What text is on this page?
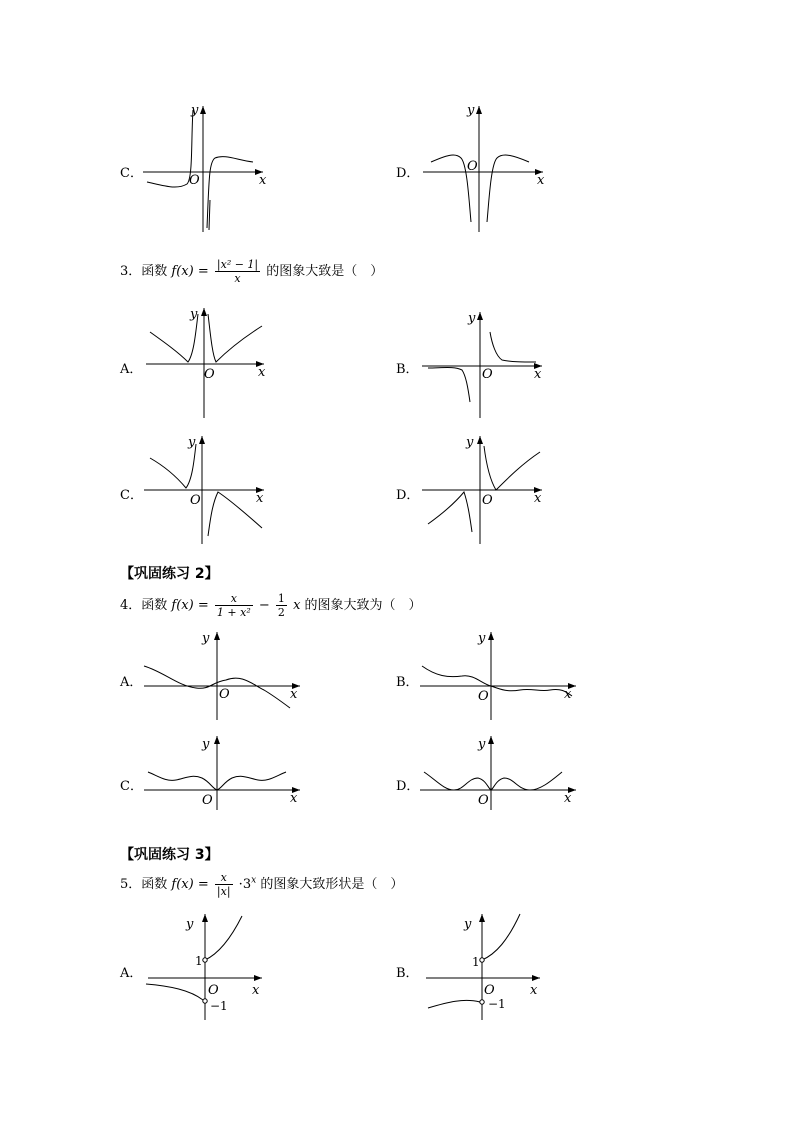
C．	x
y
O	D．	x
y
O
3．函数 $f(x) = \frac{\text{|x² − 1|}}{x}$ 的图象大致是（　）
A．	x
y
O	B．	x
y
O
C．	x
y
O	D．	x
y
O
【巩固练习 2】
4．函数 $f(x) = \frac{x}{\text{1 + x²}} - \frac{1}{2}$ x 的图象大致为（　）
A．
x
y
O
B．
x
y
O
C．
x
y
O
D．
x
y
O
【巩固练习 3】
5．函数 $f(x) = \frac{x}{|x|} \cdot 3^x$ 的图象大致形状是（　）
A．
x
y
O
1
−1
B．
x
y
O
1
−1
